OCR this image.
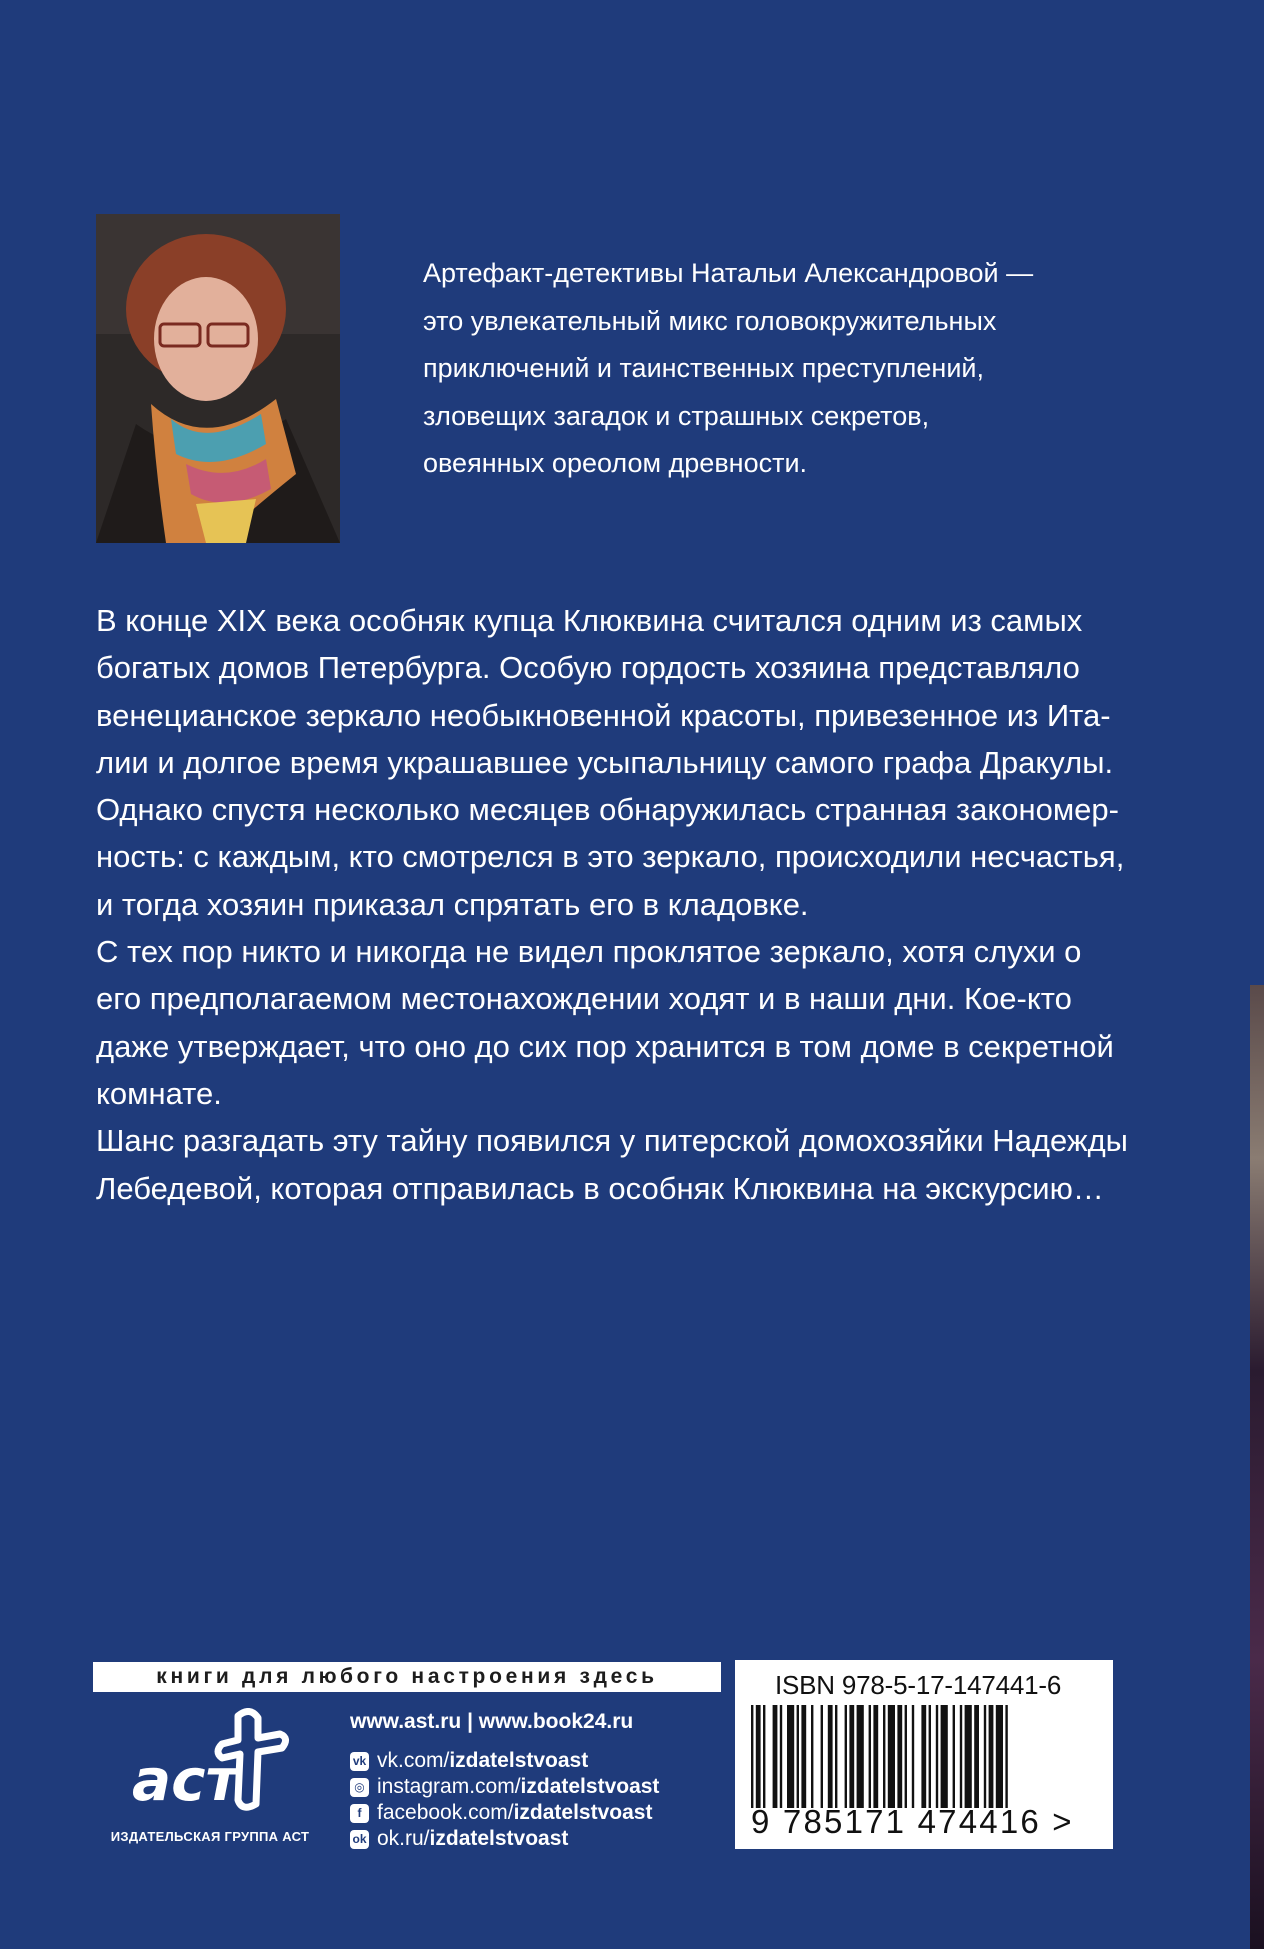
Артефакт-детективы Натальи Александровой —
это увлекательный микс головокружительных
приключений и таинственных преступлений,
зловещих загадок и страшных секретов,
овеянных ореолом древности.

В конце XIX века особняк купца Клюквина считался одним из самых
богатых домов Петербурга. Особую гордость хозяина представляло
венецианское зеркало необыкновенной красоты, привезенное из Ита-
лии и долгое время украшавшее усыпальницу самого графа Дракулы.
Однако спустя несколько месяцев обнаружилась странная закономер-
ность: с каждым, кто смотрелся в это зеркало, происходили несчастья,
и тогда хозяин приказал спрятать его в кладовке.
С тех пор никто и никогда не видел проклятое зеркало, хотя слухи о
его предполагаемом местонахождении ходят и в наши дни. Кое-кто
даже утверждает, что оно до сих пор хранится в том доме в секретной
комнате.
Шанс разгадать эту тайну появился у питерской домохозяйки Надежды
Лебедевой, которая отправилась в особняк Клюквина на экскурсию…
книги для любого настроения здесь
аст
ИЗДАТЕЛЬСКАЯ ГРУППА АСТ
www.ast.ru | www.book24.ru
vk vk.com/ izdatelstvoast
◎ instagram.com/ izdatelstvoast
f facebook.com/ izdatelstvoast
ok ok.ru/ izdatelstvoast
ISBN 978-5-17-147441-6
9 785171 474416 >
